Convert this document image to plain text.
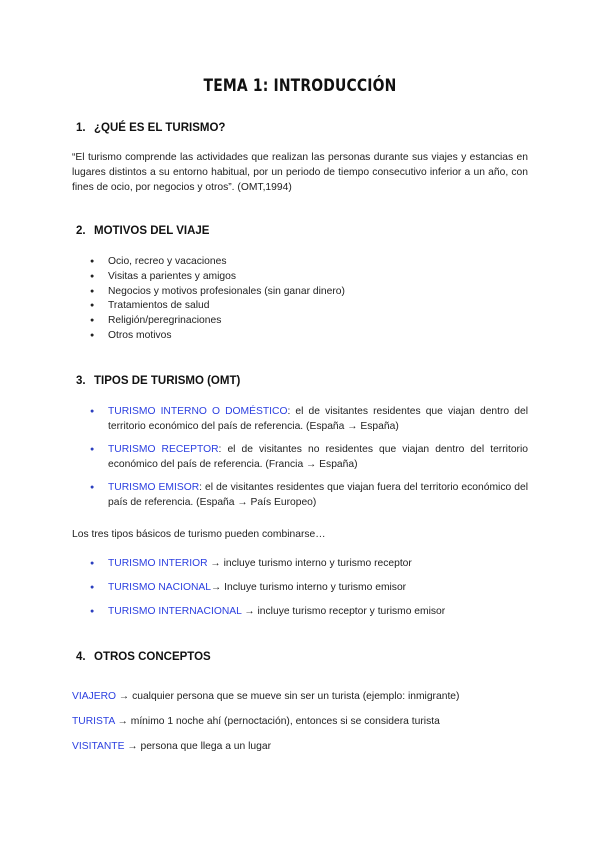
TEMA 1: INTRODUCCIÓN
1. ¿QUÉ ES EL TURISMO?
“El turismo comprende las actividades que realizan las personas durante sus viajes y estancias en lugares distintos a su entorno habitual, por un periodo de tiempo consecutivo inferior a un año, con fines de ocio, por negocios y otros”. (OMT,1994)
2. MOTIVOS DEL VIAJE
● Ocio, recreo y vacaciones
● Visitas a parientes y amigos
● Negocios y motivos profesionales (sin ganar dinero)
● Tratamientos de salud
● Religión/peregrinaciones
● Otros motivos
3. TIPOS DE TURISMO (OMT)
● TURISMO INTERNO O DOMÉSTICO: el de visitantes residentes que viajan dentro del territorio económico del país de referencia. (España → España)
● TURISMO RECEPTOR: el de visitantes no residentes que viajan dentro del territorio económico del país de referencia. (Francia → España)
● TURISMO EMISOR: el de visitantes residentes que viajan fuera del territorio económico del país de referencia. (España → País Europeo)
Los tres tipos básicos de turismo pueden combinarse…
● TURISMO INTERIOR → incluye turismo interno y turismo receptor
● TURISMO NACIONAL→ Incluye turismo interno y turismo emisor
● TURISMO INTERNACIONAL → incluye turismo receptor y turismo emisor
4. OTROS CONCEPTOS
VIAJERO → cualquier persona que se mueve sin ser un turista (ejemplo: inmigrante)
TURISTA → mínimo 1 noche ahí (pernoctación), entonces si se considera turista
VISITANTE → persona que llega a un lugar
